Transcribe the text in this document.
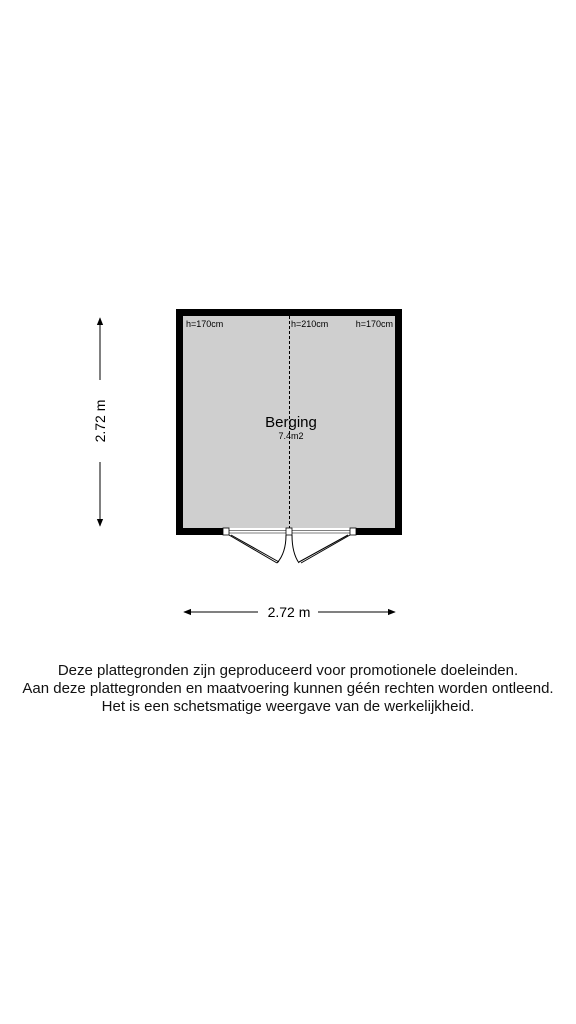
h=170cm	h=210cm	h=170cm
Berging
7.4m2
2.72 m
2.72 m
Deze plattegronden zijn geproduceerd voor promotionele doeleinden.
Aan deze plattegronden en maatvoering kunnen géén rechten worden ontleend.
Het is een schetsmatige weergave van de werkelijkheid.
